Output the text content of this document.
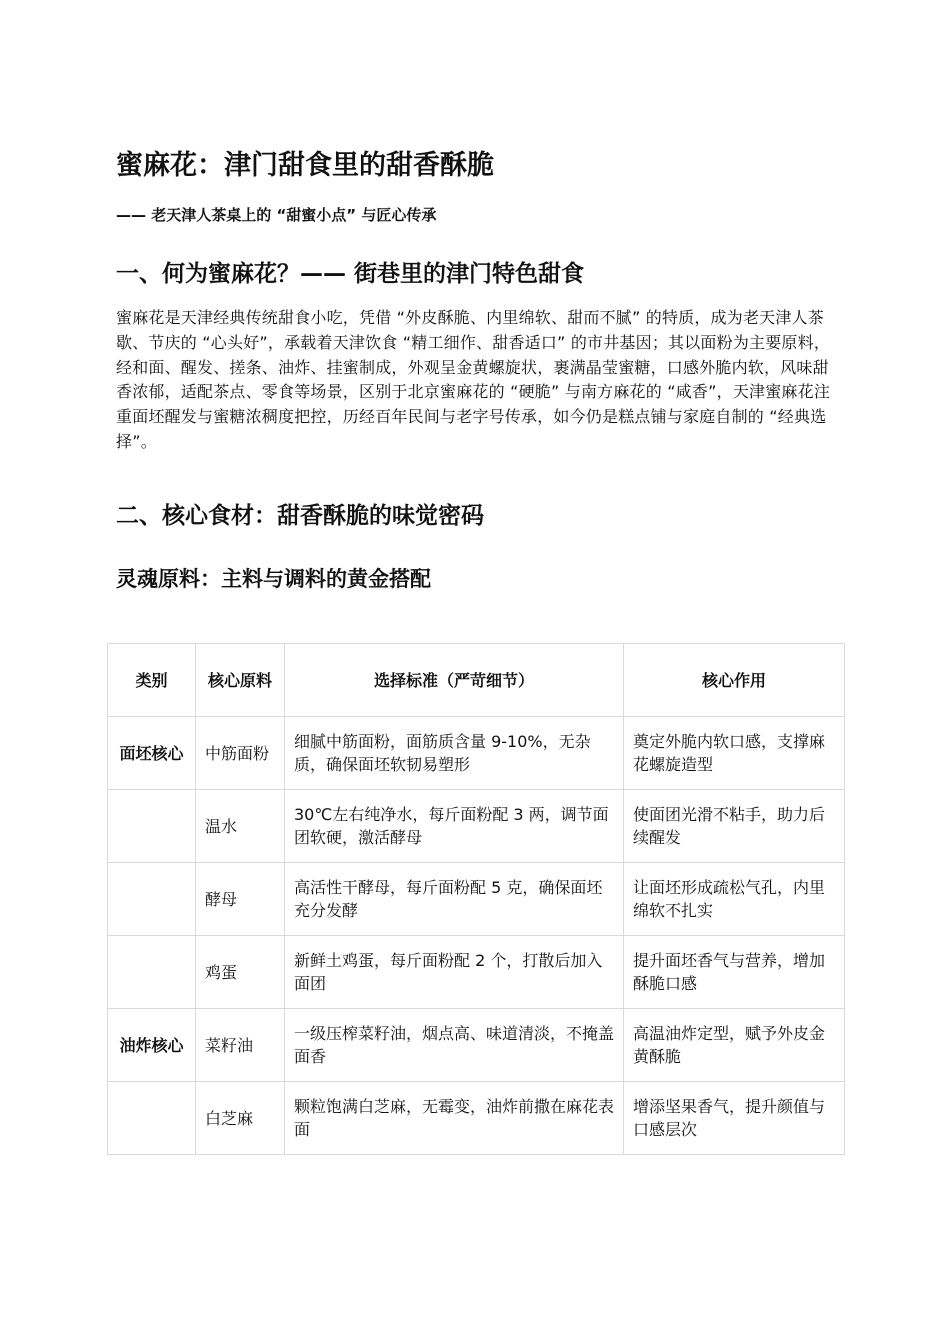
蜜麻花：津门甜食里的甜香酥脆

—— 老天津人茶桌上的 “甜蜜小点” 与匠心传承

一、何为蜜麻花？—— 街巷里的津门特色甜食

蜜麻花是天津经典传统甜食小吃，凭借 “外皮酥脆、内里绵软、甜而不腻” 的特质，成为老天津人茶歇、节庆的 “心头好”，承载着天津饮食 “精工细作、甜香适口” 的市井基因；其以面粉为主要原料，经和面、醒发、搓条、油炸、挂蜜制成，外观呈金黄螺旋状，裹满晶莹蜜糖，口感外脆内软，风味甜香浓郁，适配茶点、零食等场景，区别于北京蜜麻花的 “硬脆” 与南方麻花的 “咸香”，天津蜜麻花注重面坯醒发与蜜糖浓稠度把控，历经百年民间与老字号传承，如今仍是糕点铺与家庭自制的 “经典选择”。

二、核心食材：甜香酥脆的味觉密码
灵魂原料：主料与调料的黄金搭配
类别	核心原料	选择标准（严苛细节）	核心作用
面坯核心	中筋面粉	细腻中筋面粉，面筋质含量 9-10%，无杂质，确保面坯软韧易塑形	奠定外脆内软口感，支撑麻花螺旋造型
	温水	30℃左右纯净水，每斤面粉配 3 两，调节面团软硬，激活酵母	使面团光滑不粘手，助力后续醒发
	酵母	高活性干酵母，每斤面粉配 5 克，确保面坯充分发酵	让面坯形成疏松气孔，内里绵软不扎实
	鸡蛋	新鲜土鸡蛋，每斤面粉配 2 个，打散后加入面团	提升面坯香气与营养，增加酥脆口感
油炸核心	菜籽油	一级压榨菜籽油，烟点高、味道清淡，不掩盖面香	高温油炸定型，赋予外皮金黄酥脆
	白芝麻	颗粒饱满白芝麻，无霉变，油炸前撒在麻花表面	增添坚果香气，提升颜值与口感层次
